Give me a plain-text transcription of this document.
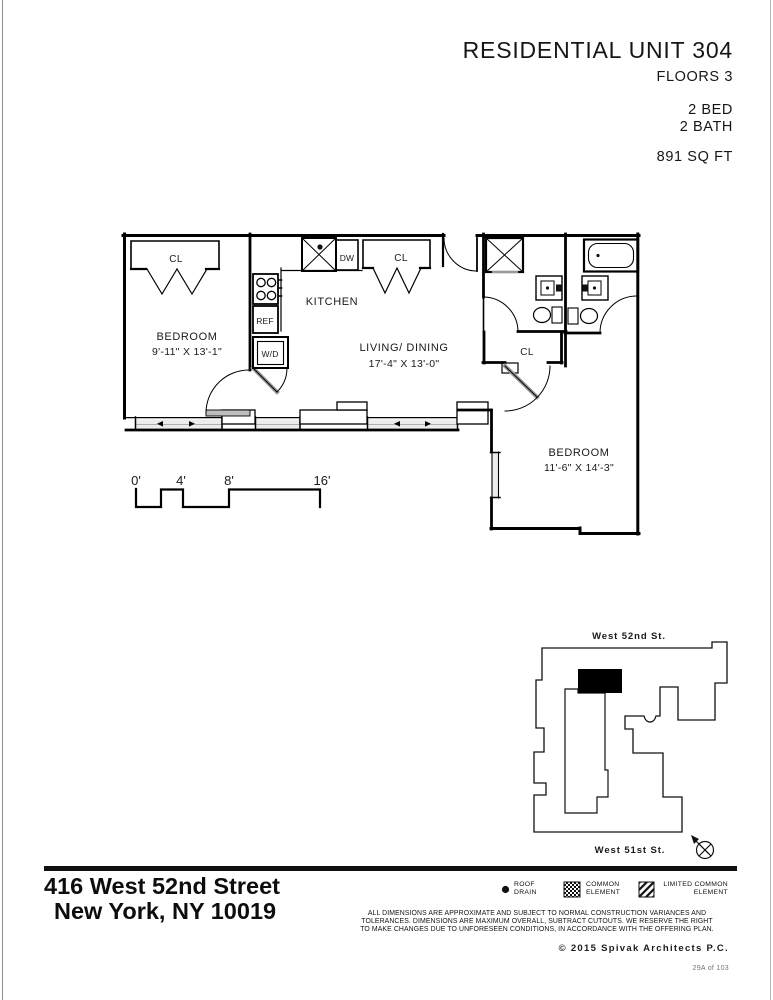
RESIDENTIAL UNIT 304
FLOORS 3
2 BED
2 BATH
891 SQ FT
BEDROOM
9'-11" X 13'-1"
KITCHEN
LIVING/ DINING
17'-4" X 13'-0"
BEDROOM
11'-6" X 14'-3"
CL	CL
CL
REF
W/D
DW
0'	4'	8'	16'
West 52nd St.
West 51st St.
416 West 52nd Street
New York, NY 10019
ROOF
DRAIN
COMMON
ELEMENT
LIMITED COMMON
ELEMENT
ALL DIMENSIONS ARE APPROXIMATE AND SUBJECT TO NORMAL CONSTRUCTION VARIANCES AND
TOLERANCES. DIMENSIONS ARE MAXIMUM OVERALL, SUBTRACT CUTOUTS. WE RESERVE THE RIGHT
TO MAKE CHANGES DUE TO UNFORESEEN CONDITIONS, IN ACCORDANCE WITH THE OFFERING PLAN.
© 2015 Spivak Architects P.C.
29A of 103
